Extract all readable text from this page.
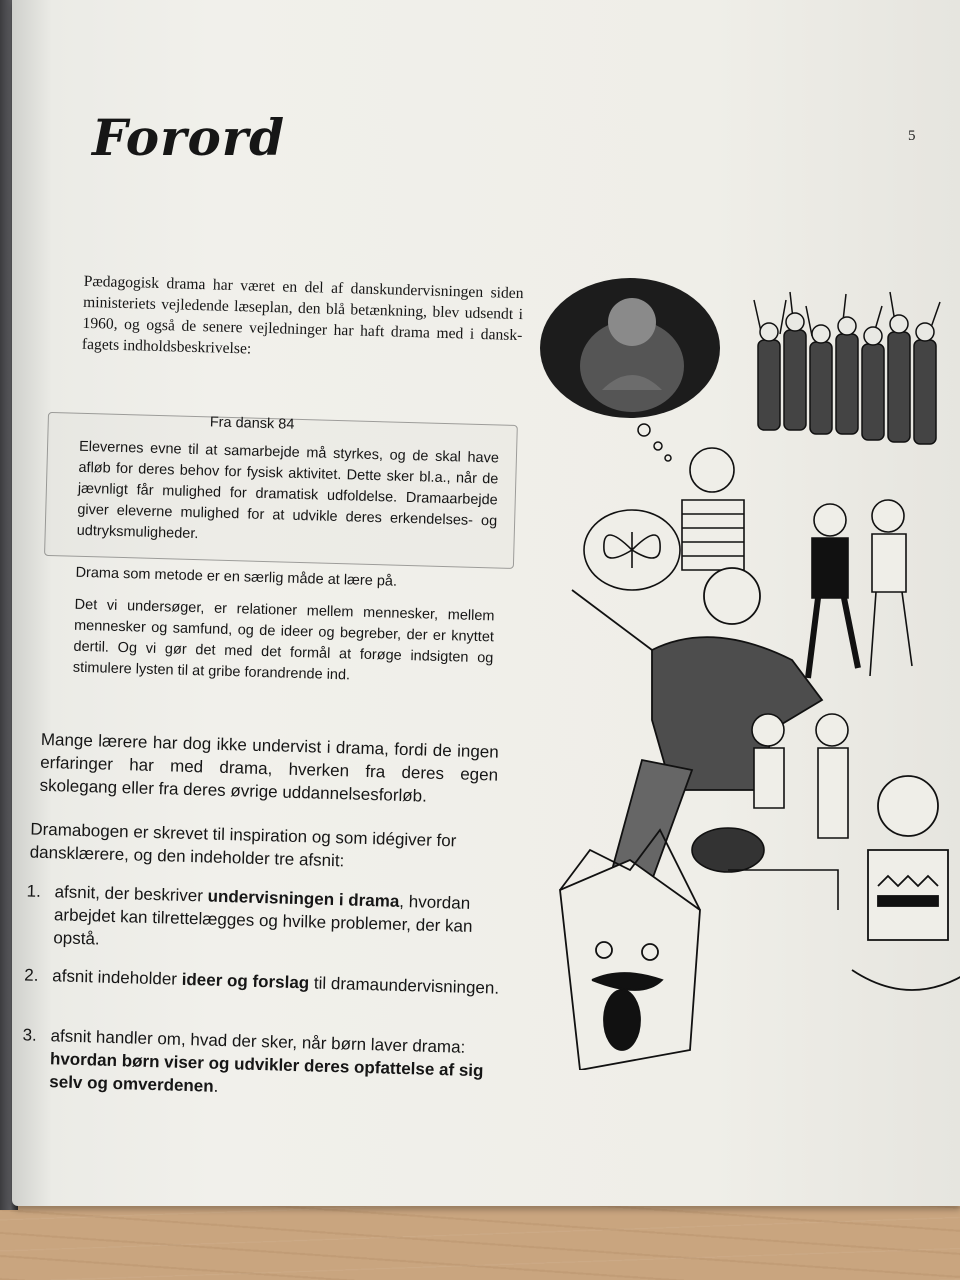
Forord	5

Pædagogisk drama har været en del af danskundervisningen siden ministeriets vejledende læseplan, den blå betænkning, blev udsendt i 1960, og også de senere vejledninger har haft drama med i danskfagets indholdsbeskrivelse:

Fra dansk 84

Elevernes evne til at samarbejde må styrkes, og de skal have afløb for deres behov for fysisk aktivitet. Dette sker bl.a., når de jævnligt får mulighed for dramatisk udfoldelse. Dramaarbejde giver eleverne mulighed for at udvikle deres erkendelses- og udtryksmuligheder.

Drama som metode er en særlig måde at lære på.

Det vi undersøger, er relationer mellem mennesker, mellem mennesker og samfund, og de ideer og begreber, der er knyttet dertil. Og vi gør det med det formål at forøge indsigten og stimulere lysten til at gribe forandrende ind.

Mange lærere har dog ikke undervist i drama, fordi de ingen erfaringer har med drama, hverken fra deres egen skolegang eller fra deres øvrige uddannelsesforløb.

Dramabogen er skrevet til inspiration og som idégiver for dansklærere, og den indeholder tre afsnit:

1. afsnit, der beskriver undervisningen i drama, hvordan arbejdet kan tilrettelægges og hvilke problemer, der kan opstå.
2. afsnit indeholder ideer og forslag til dramaundervisningen.
3. afsnit handler om, hvad der sker, når børn laver drama: hvordan børn viser og udvikler deres opfattelse af sig selv og omverdenen.
